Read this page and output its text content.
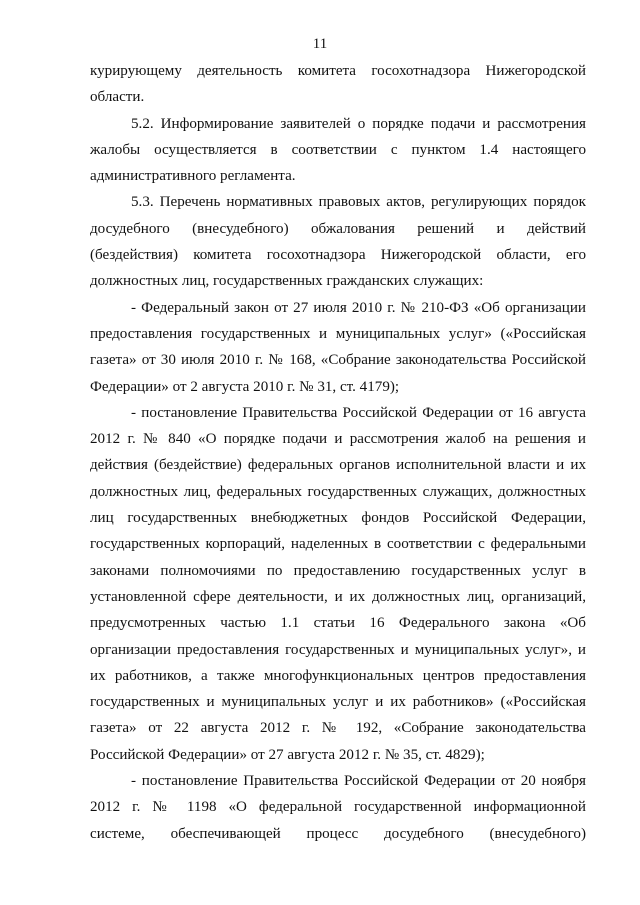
11
курирующему деятельность комитета госохотнадзора Нижегородской
области.
5.2. Информирование заявителей о порядке подачи и рассмотрения
жалобы осуществляется в соответствии с пунктом 1.4 настоящего
административного регламента.
5.3. Перечень нормативных правовых актов, регулирующих порядок
досудебного (внесудебного) обжалования решений и действий
(бездействия) комитета госохотнадзора Нижегородской области, его
должностных лиц, государственных гражданских служащих:
- Федеральный закон от 27 июля 2010 г. № 210-ФЗ «Об организации
предоставления государственных и муниципальных услуг» («Российская
газета» от 30 июля 2010 г. № 168, «Собрание законодательства Российской
Федерации» от 2 августа 2010 г. № 31, ст. 4179);
- постановление Правительства Российской Федерации от 16 августа
2012 г. № 840 «О порядке подачи и рассмотрения жалоб на решения и
действия (бездействие) федеральных органов исполнительной власти и их
должностных лиц, федеральных государственных служащих, должностных
лиц государственных внебюджетных фондов Российской Федерации,
государственных корпораций, наделенных в соответствии с федеральными
законами полномочиями по предоставлению государственных услуг в
установленной сфере деятельности, и их должностных лиц, организаций,
предусмотренных частью 1.1 статьи 16 Федерального закона «Об
организации предоставления государственных и муниципальных услуг», и
их работников, а также многофункциональных центров предоставления
государственных и муниципальных услуг и их работников» («Российская
газета» от 22 августа 2012 г. № 192, «Собрание законодательства
Российской Федерации» от 27 августа 2012 г. № 35, ст. 4829);
- постановление Правительства Российской Федерации от 20 ноября
2012 г. № 1198 «О федеральной государственной информационной
системе, обеспечивающей процесс досудебного (внесудебного)
